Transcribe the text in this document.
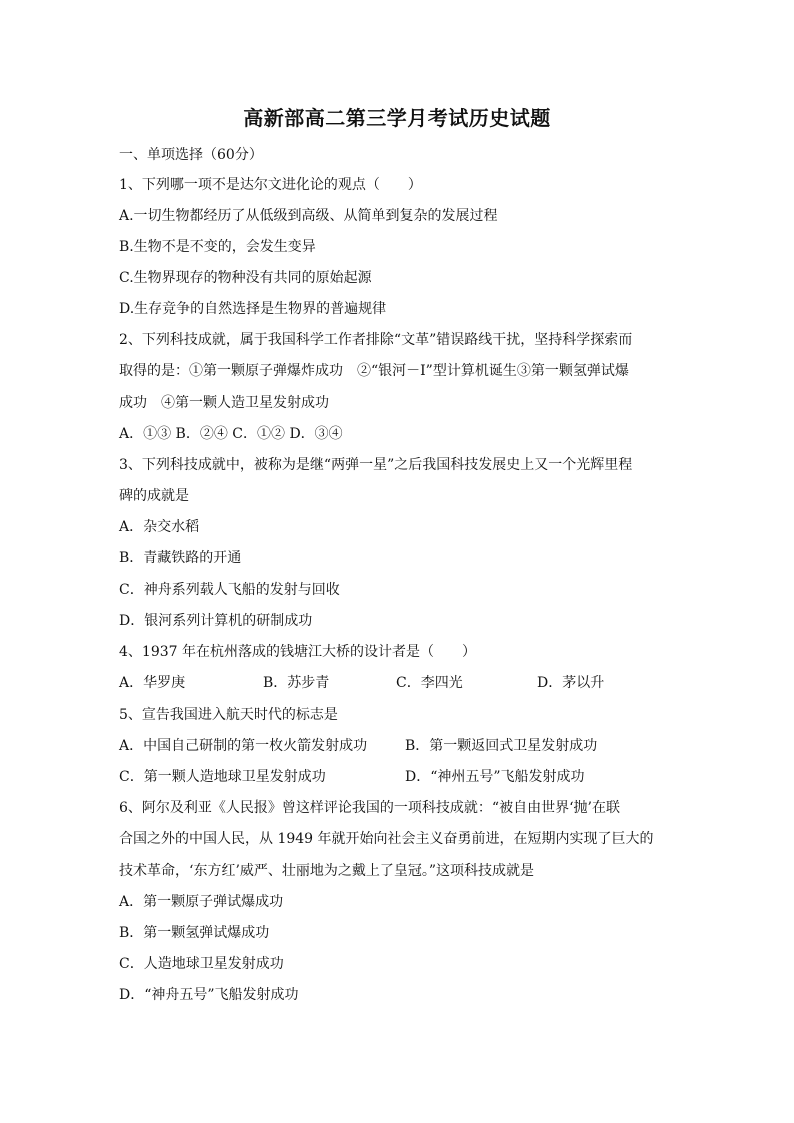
高新部高二第三学月考试历史试题
一、单项选择（60分）
1、下列哪一项不是达尔文进化论的观点（　　）
A.一切生物都经历了从低级到高级、从简单到复杂的发展过程
B.生物不是不变的，会发生变异
C.生物界现存的物种没有共同的原始起源
D.生存竞争的自然选择是生物界的普遍规律
2、下列科技成就，属于我国科学工作者排除“文革”错误路线干扰，坚持科学探索而
取得的是：①第一颗原子弹爆炸成功　②“银河－Ⅰ”型计算机诞生③第一颗氢弹试爆
成功　④第一颗人造卫星发射成功
A．①③ B．②④ C．①② D．③④
3、下列科技成就中，被称为是继“两弹一星”之后我国科技发展史上又一个光辉里程
碑的成就是
A．杂交水稻
B．青藏铁路的开通
C．神舟系列载人飞船的发射与回收
D．银河系列计算机的研制成功
4、1937 年在杭州落成的钱塘江大桥的设计者是（　　）
A．华罗庚	B．苏步青	C．李四光	D．茅以升
5、宣告我国进入航天时代的标志是
A．中国自己研制的第一枚火箭发射成功	B．第一颗返回式卫星发射成功
C．第一颗人造地球卫星发射成功	D．“神州五号”飞船发射成功
6、阿尔及利亚《人民报》曾这样评论我国的一项科技成就：“被自由世界‘抛’在联
合国之外的中国人民，从 1949 年就开始向社会主义奋勇前进，在短期内实现了巨大的
技术革命，‘东方红’威严、壮丽地为之戴上了皇冠。”这项科技成就是
A．第一颗原子弹试爆成功
B．第一颗氢弹试爆成功
C．人造地球卫星发射成功
D．“神舟五号”飞船发射成功
